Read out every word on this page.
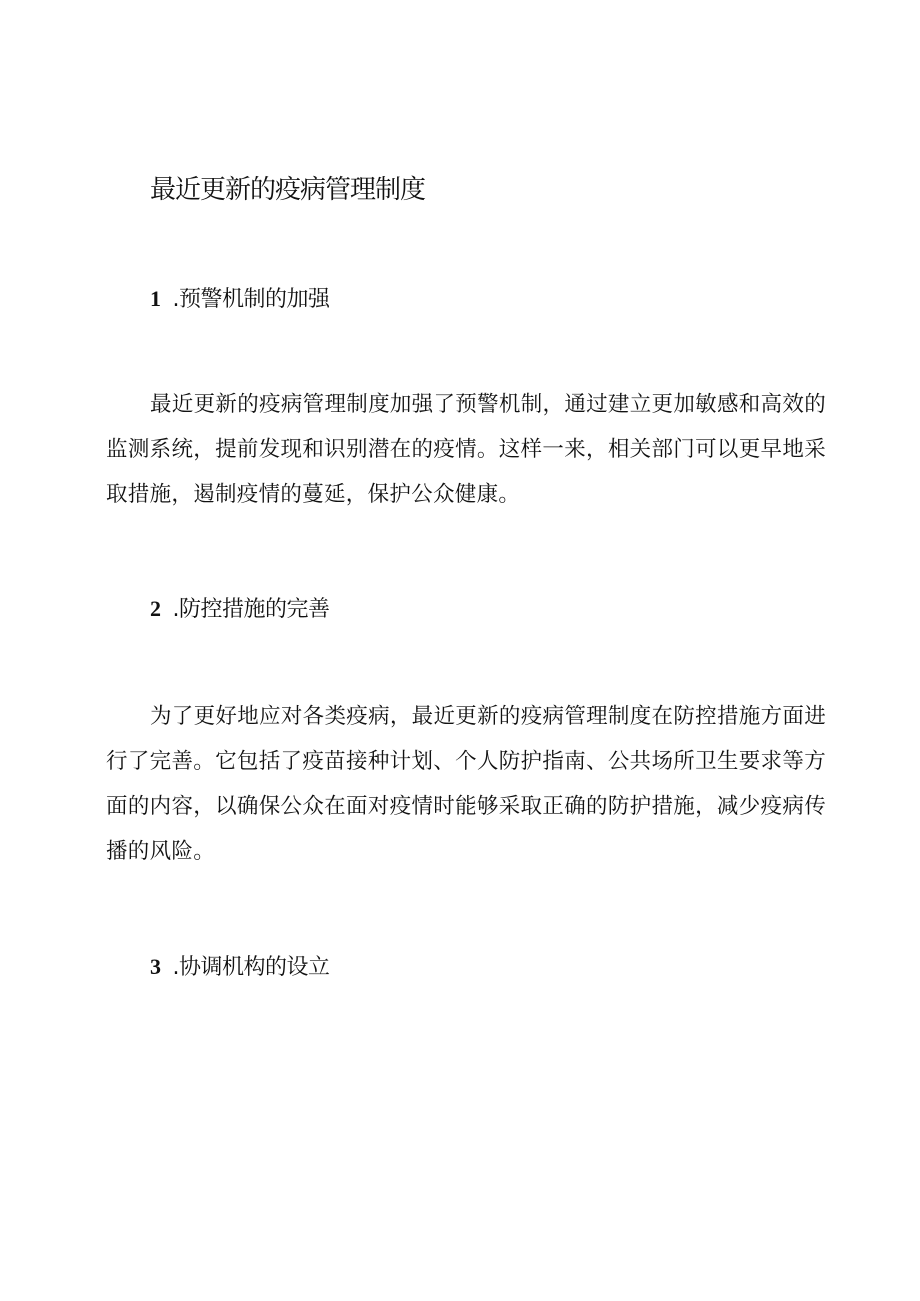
最近更新的疫病管理制度
1 .预警机制的加强

最近更新的疫病管理制度加强了预警机制，通过建立更加敏感和高效的监测系统，提前发现和识别潜在的疫情。这样一来，相关部门可以更早地采取措施，遏制疫情的蔓延，保护公众健康。

2 .防控措施的完善

为了更好地应对各类疫病，最近更新的疫病管理制度在防控措施方面进行了完善。它包括了疫苗接种计划、个人防护指南、公共场所卫生要求等方面的内容，以确保公众在面对疫情时能够采取正确的防护措施，减少疫病传播的风险。

3 .协调机构的设立
